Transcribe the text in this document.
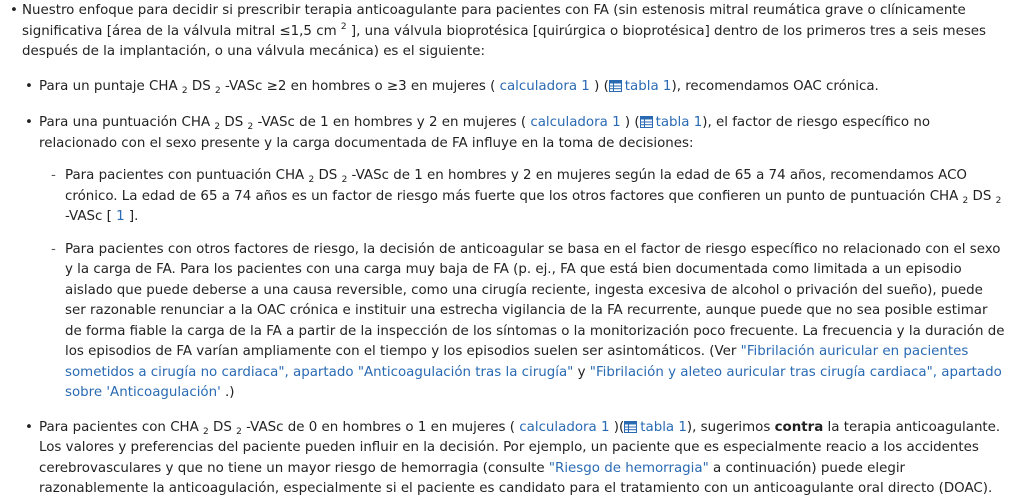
• Nuestro enfoque para decidir si prescribir terapia anticoagulante para pacientes con FA (sin estenosis mitral reumática grave o clínicamente significativa [área de la válvula mitral ≤1,5 cm $^2$ ], una válvula bioprotésica [quirúrgica o bioprotésica] dentro de los primeros tres a seis meses después de la implantación, o una válvula mecánica) es el siguiente:
• Para un puntaje CHA $_2$ DS $_2$ -VASc ≥2 en hombres o ≥3 en mujeres ( calculadora 1 ) ( tabla 1), recomendamos OAC crónica.
• Para una puntuación CHA $_2$ DS $_2$ -VASc de 1 en hombres y 2 en mujeres ( calculadora 1 ) ( tabla 1), el factor de riesgo específico no relacionado con el sexo presente y la carga documentada de FA influye en la toma de decisiones:
- Para pacientes con puntuación CHA $_2$ DS $_2$ -VASc de 1 en hombres y 2 en mujeres según la edad de 65 a 74 años, recomendamos ACO crónico. La edad de 65 a 74 años es un factor de riesgo más fuerte que los otros factores que confieren un punto de puntuación CHA $_2$ DS $_2$ -VASc [ 1 ].
- Para pacientes con otros factores de riesgo, la decisión de anticoagular se basa en el factor de riesgo específico no relacionado con el sexo y la carga de FA. Para los pacientes con una carga muy baja de FA (p. ej., FA que está bien documentada como limitada a un episodio aislado que puede deberse a una causa reversible, como una cirugía reciente, ingesta excesiva de alcohol o privación del sueño), puede ser razonable renunciar a la OAC crónica e instituir una estrecha vigilancia de la FA recurrente, aunque puede que no sea posible estimar de forma fiable la carga de la FA a partir de la inspección de los síntomas o la monitorización poco frecuente. La frecuencia y la duración de los episodios de FA varían ampliamente con el tiempo y los episodios suelen ser asintomáticos. (Ver "Fibrilación auricular en pacientes sometidos a cirugía no cardiaca", apartado "Anticoagulación tras la cirugía" y "Fibrilación y aleteo auricular tras cirugía cardiaca", apartado sobre 'Anticoagulación' .)
• Para pacientes con CHA $_2$ DS $_2$ -VASc de 0 en hombres o 1 en mujeres ( calculadora 1 )( tabla 1), sugerimos contra la terapia anticoagulante. Los valores y preferencias del paciente pueden influir en la decisión. Por ejemplo, un paciente que es especialmente reacio a los accidentes cerebrovasculares y que no tiene un mayor riesgo de hemorragia (consulte "Riesgo de hemorragia" a continuación) puede elegir razonablemente la anticoagulación, especialmente si el paciente es candidato para el tratamiento con un anticoagulante oral directo (DOAC).
